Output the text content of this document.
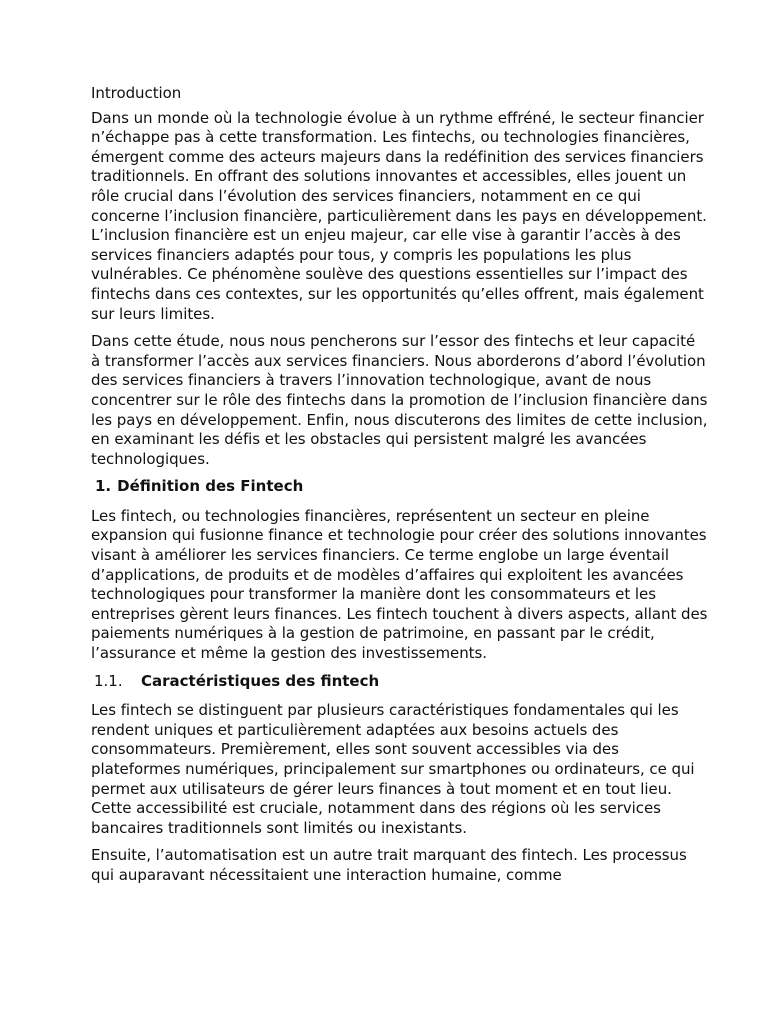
Introduction

Dans un monde où la technologie évolue à un rythme effréné, le secteur financier n’échappe pas à cette transformation. Les fintechs, ou technologies financières, émergent comme des acteurs majeurs dans la redéfinition des services financiers traditionnels. En offrant des solutions innovantes et accessibles, elles jouent un rôle crucial dans l’évolution des services financiers, notamment en ce qui concerne l’inclusion financière, particulièrement dans les pays en développement. L’inclusion financière est un enjeu majeur, car elle vise à garantir l’accès à des services financiers adaptés pour tous, y compris les populations les plus vulnérables. Ce phénomène soulève des questions essentielles sur l’impact des fintechs dans ces contextes, sur les opportunités qu’elles offrent, mais également sur leurs limites.

Dans cette étude, nous nous pencherons sur l’essor des fintechs et leur capacité à transformer l’accès aux services financiers. Nous aborderons d’abord l’évolution des services financiers à travers l’innovation technologique, avant de nous concentrer sur le rôle des fintechs dans la promotion de l’inclusion financière dans les pays en développement. Enfin, nous discuterons des limites de cette inclusion, en examinant les défis et les obstacles qui persistent malgré les avancées technologiques.

1. Définition des Fintech

Les fintech, ou technologies financières, représentent un secteur en pleine expansion qui fusionne finance et technologie pour créer des solutions innovantes visant à améliorer les services financiers. Ce terme englobe un large éventail d’applications, de produits et de modèles d’affaires qui exploitent les avancées technologiques pour transformer la manière dont les consommateurs et les entreprises gèrent leurs finances. Les fintech touchent à divers aspects, allant des paiements numériques à la gestion de patrimoine, en passant par le crédit, l’assurance et même la gestion des investissements.

1.1.	Caractéristiques des fintech

Les fintech se distinguent par plusieurs caractéristiques fondamentales qui les rendent uniques et particulièrement adaptées aux besoins actuels des consommateurs. Premièrement, elles sont souvent accessibles via des plateformes numériques, principalement sur smartphones ou ordinateurs, ce qui permet aux utilisateurs de gérer leurs finances à tout moment et en tout lieu. Cette accessibilité est cruciale, notamment dans des régions où les services bancaires traditionnels sont limités ou inexistants.

Ensuite, l’automatisation est un autre trait marquant des fintech. Les processus qui auparavant nécessitaient une interaction humaine, comme
